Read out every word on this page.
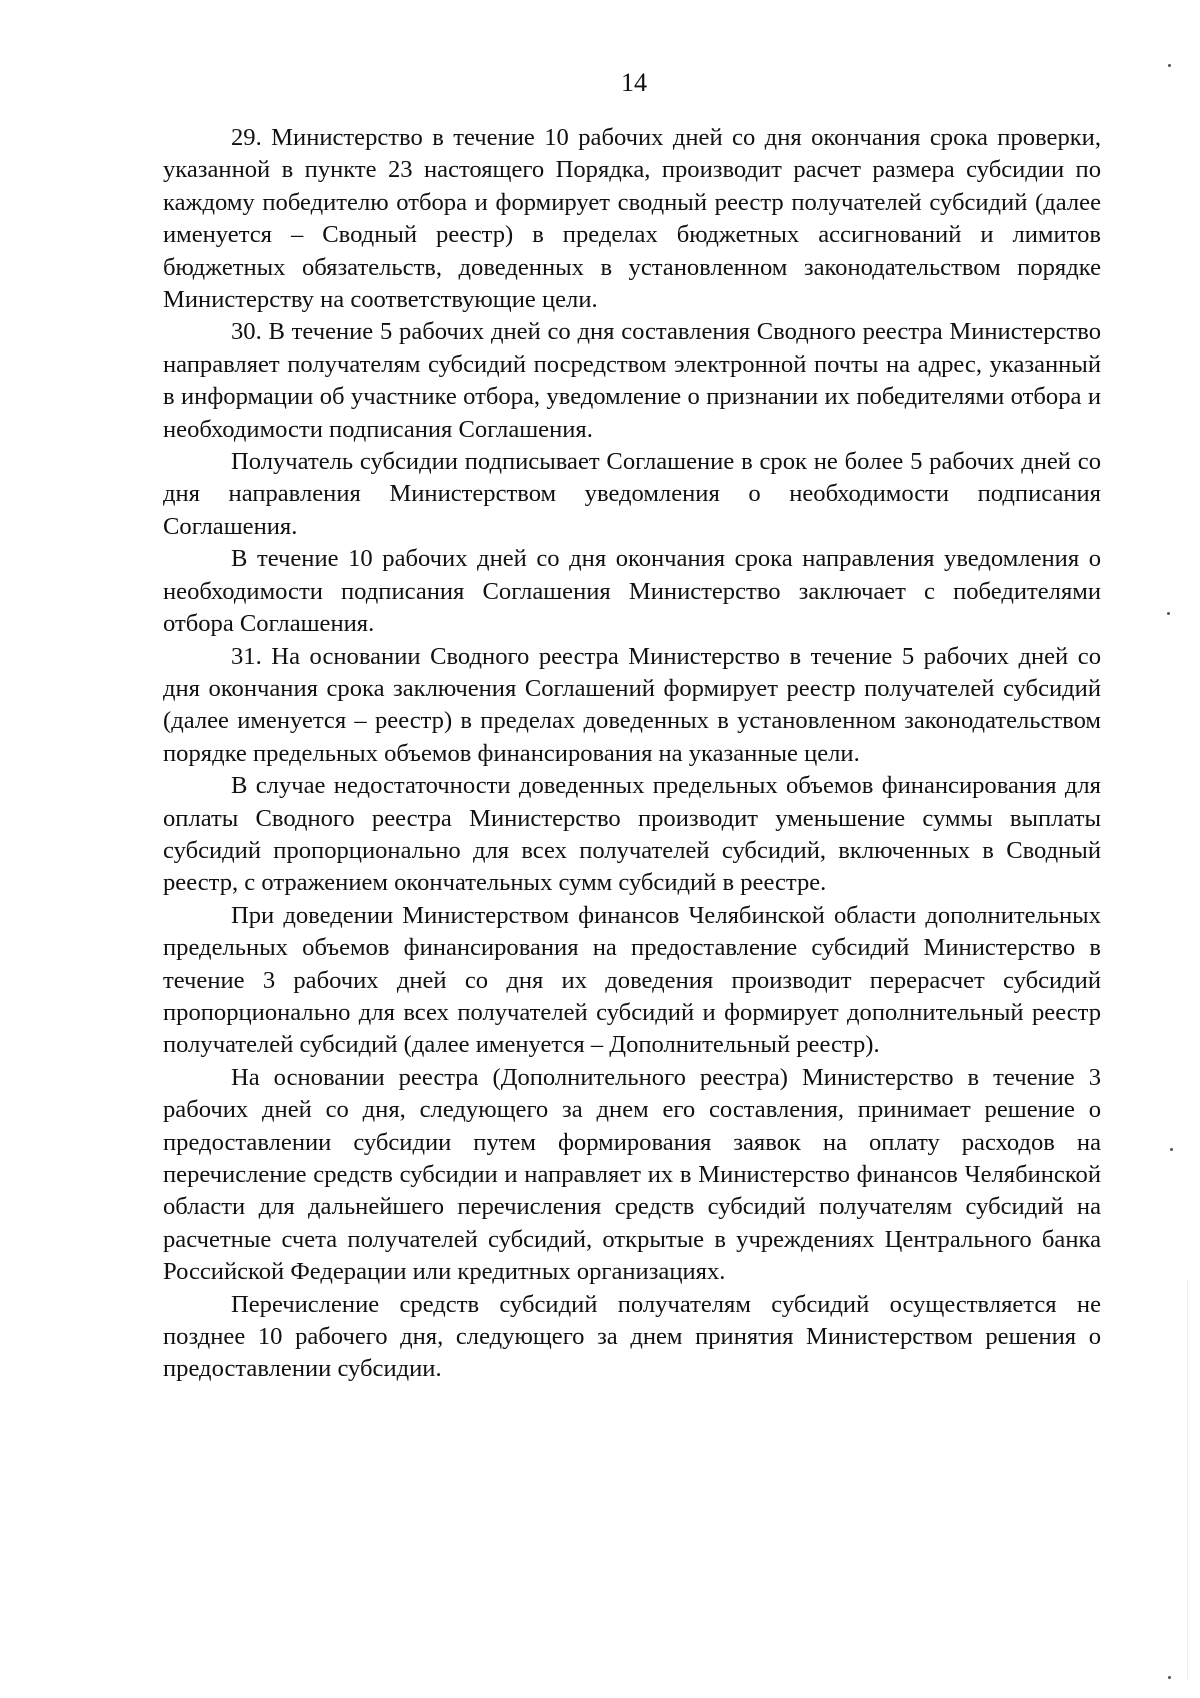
14

29. Министерство в течение 10 рабочих дней со дня окончания срока проверки, указанной в пункте 23 настоящего Порядка, производит расчет размера субсидии по каждому победителю отбора и формирует сводный реестр получателей субсидий (далее именуется – Сводный реестр) в пределах бюджетных ассигнований и лимитов бюджетных обязательств, доведенных в установленном законодательством порядке Министерству на соответствующие цели.

30. В течение 5 рабочих дней со дня составления Сводного реестра Министерство направляет получателям субсидий посредством электронной почты на адрес, указанный в информации об участнике отбора, уведомление о признании их победителями отбора и необходимости подписания Соглашения.

Получатель субсидии подписывает Соглашение в срок не более 5 рабочих дней со дня направления Министерством уведомления о необходимости подписания Соглашения.

В течение 10 рабочих дней со дня окончания срока направления уведомления о необходимости подписания Соглашения Министерство заключает с победителями отбора Соглашения.

31. На основании Сводного реестра Министерство в течение 5 рабочих дней со дня окончания срока заключения Соглашений формирует реестр получателей субсидий (далее именуется – реестр) в пределах доведенных в установленном законодательством порядке предельных объемов финансирования на указанные цели.

В случае недостаточности доведенных предельных объемов финансирования для оплаты Сводного реестра Министерство производит уменьшение суммы выплаты субсидий пропорционально для всех получателей субсидий, включенных в Сводный реестр, с отражением окончательных сумм субсидий в реестре.

При доведении Министерством финансов Челябинской области дополнительных предельных объемов финансирования на предоставление субсидий Министерство в течение 3 рабочих дней со дня их доведения производит перерасчет субсидий пропорционально для всех получателей субсидий и формирует дополнительный реестр получателей субсидий (далее именуется – Дополнительный реестр).

На основании реестра (Дополнительного реестра) Министерство в течение 3 рабочих дней со дня, следующего за днем его составления, принимает решение о предоставлении субсидии путем формирования заявок на оплату расходов на перечисление средств субсидии и направляет их в Министерство финансов Челябинской области для дальнейшего перечисления средств субсидий получателям субсидий на расчетные счета получателей субсидий, открытые в учреждениях Центрального банка Российской Федерации или кредитных организациях.

Перечисление средств субсидий получателям субсидий осуществляется не позднее 10 рабочего дня, следующего за днем принятия Министерством решения о предоставлении субсидии.
